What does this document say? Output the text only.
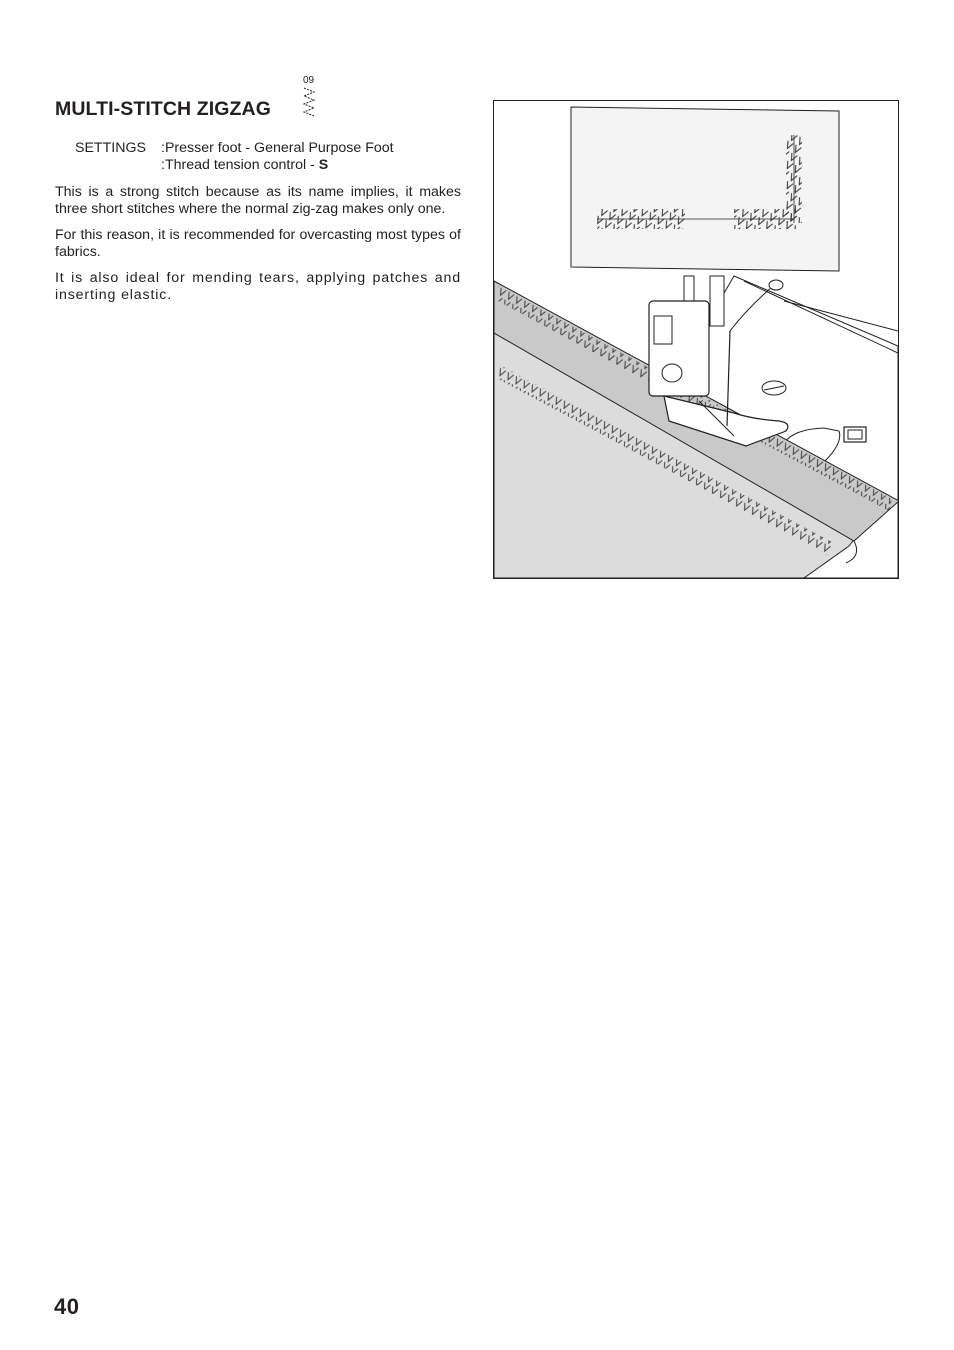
09
MULTI-STITCH ZIGZAG
SETTINGS :Presser foot - General Purpose Foot
:Thread tension control - S

This is a strong stitch because as its name implies, it makes three short stitches where the normal zig-zag makes only one.

For this reason, it is recommended for overcasting most types of fabrics.

It is also ideal for mending tears, applying patches and inserting elastic.

40
